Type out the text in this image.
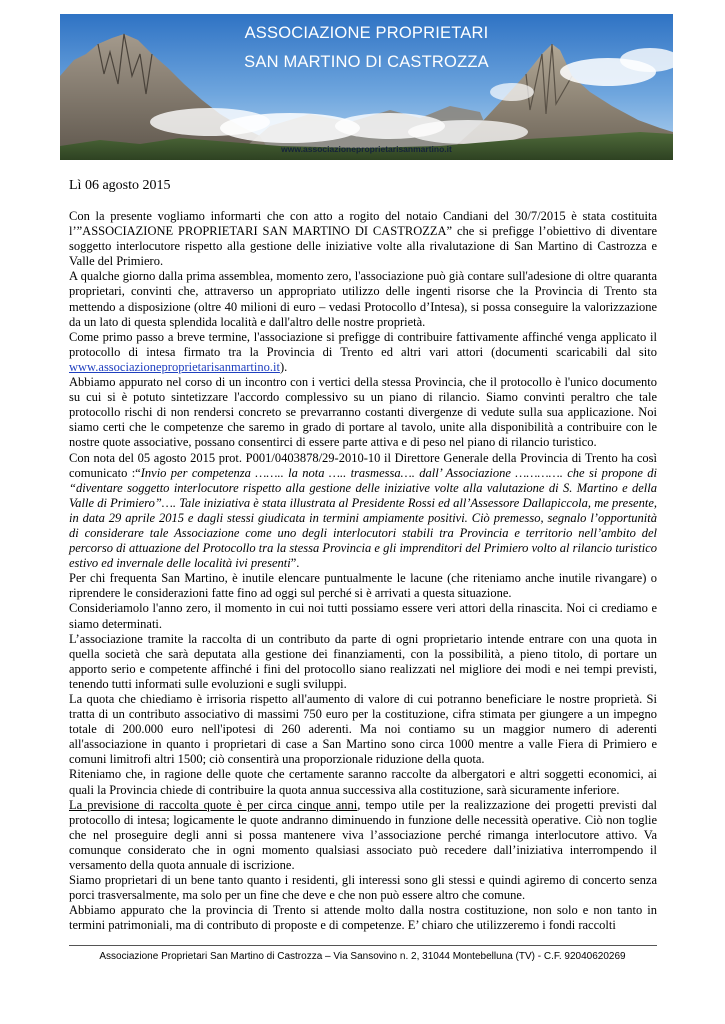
ASSOCIAZIONE PROPRIETARI
SAN MARTINO DI CASTROZZA
www.associazioneproprietarisanmartino.it
Lì 06 agosto 2015

Con la presente vogliamo informarti che con atto a rogito del notaio Candiani del 30/7/2015 è stata costituita l’”ASSOCIAZIONE PROPRIETARI SAN MARTINO DI CASTROZZA” che si prefigge l’obiettivo di diventare soggetto interlocutore rispetto alla gestione delle iniziative volte alla rivalutazione di San Martino di Castrozza e Valle del Primiero.

A qualche giorno dalla prima assemblea, momento zero, l'associazione può già contare sull'adesione di oltre quaranta proprietari, convinti che, attraverso un appropriato utilizzo delle ingenti risorse che la Provincia di Trento sta mettendo a disposizione (oltre 40 milioni di euro – vedasi Protocollo d’Intesa), si possa conseguire la valorizzazione da un lato di questa splendida località e dall'altro delle nostre proprietà.

Come primo passo a breve termine, l'associazione si prefigge di contribuire fattivamente affinché venga applicato il protocollo di intesa firmato tra la Provincia di Trento ed altri vari attori (documenti scaricabili dal sito www.associazioneproprietarisanmartino.it).

Abbiamo appurato nel corso di un incontro con i vertici della stessa Provincia, che il protocollo è l'unico documento su cui si è potuto sintetizzare l'accordo complessivo su un piano di rilancio. Siamo convinti peraltro che tale protocollo rischi di non rendersi concreto se prevarranno costanti divergenze di vedute sulla sua applicazione. Noi siamo certi che le competenze che saremo in grado di portare al tavolo, unite alla disponibilità a contribuire con le nostre quote associative, possano consentirci di essere parte attiva e di peso nel piano di rilancio turistico.

Con nota del 05 agosto 2015 prot. P001/0403878/29-2010-10 il Direttore Generale della Provincia di Trento ha così comunicato :“Invio per competenza …….. la nota ….. trasmessa…. dall’ Associazione …………. che si propone di “diventare soggetto interlocutore rispetto alla gestione delle iniziative volte alla valutazione di S. Martino e della Valle di Primiero”…. Tale iniziativa è stata illustrata al Presidente Rossi ed all’Assessore Dallapiccola, me presente, in data 29 aprile 2015 e dagli stessi giudicata in termini ampiamente positivi. Ciò premesso, segnalo l’opportunità di considerare tale Associazione come uno degli interlocutori stabili tra Provincia e territorio nell’ambito del percorso di attuazione del Protocollo tra la stessa Provincia e gli imprenditori del Primiero volto al rilancio turistico estivo ed invernale delle località ivi presenti”.

Per chi frequenta San Martino, è inutile elencare puntualmente le lacune (che riteniamo anche inutile rivangare) o riprendere le considerazioni fatte fino ad oggi sul perché si è arrivati a questa situazione.

Consideriamolo l'anno zero, il momento in cui noi tutti possiamo essere veri attori della rinascita. Noi ci crediamo e siamo determinati.

L’associazione tramite la raccolta di un contributo da parte di ogni proprietario intende entrare con una quota in quella società che sarà deputata alla gestione dei finanziamenti, con la possibilità, a pieno titolo, di portare un apporto serio e competente affinché i fini del protocollo siano realizzati nel migliore dei modi e nei tempi previsti, tenendo tutti informati sulle evoluzioni e sugli sviluppi.

La quota che chiediamo è irrisoria rispetto all'aumento di valore di cui potranno beneficiare le nostre proprietà. Si tratta di un contributo associativo di massimi 750 euro per la costituzione, cifra stimata per giungere a un impegno totale di 200.000 euro nell'ipotesi di 260 aderenti. Ma noi contiamo su un maggior numero di aderenti all'associazione in quanto i proprietari di case a San Martino sono circa 1000 mentre a valle Fiera di Primiero e comuni limitrofi altri 1500; ciò consentirà una proporzionale riduzione della quota.

Riteniamo che, in ragione delle quote che certamente saranno raccolte da albergatori e altri soggetti economici, ai quali la Provincia chiede di contribuire la quota annua successiva alla costituzione, sarà sicuramente inferiore.

La previsione di raccolta quote è per circa cinque anni, tempo utile per la realizzazione dei progetti previsti dal protocollo di intesa; logicamente le quote andranno diminuendo in funzione delle necessità operative. Ciò non toglie che nel proseguire degli anni si possa mantenere viva l’associazione perché rimanga interlocutore attivo. Va comunque considerato che in ogni momento qualsiasi associato può recedere dall’iniziativa interrompendo il versamento della quota annuale di iscrizione.

Siamo proprietari di un bene tanto quanto i residenti, gli interessi sono gli stessi e quindi agiremo di concerto senza porci trasversalmente, ma solo per un fine che deve e che non può essere altro che comune.

Abbiamo appurato che la provincia di Trento si attende molto dalla nostra costituzione, non solo e non tanto in termini patrimoniali, ma di contributo di proposte e di competenze. E’ chiaro che utilizzeremo i fondi raccolti

Associazione Proprietari San Martino di Castrozza – Via Sansovino n. 2, 31044 Montebelluna (TV) - C.F. 92040620269
